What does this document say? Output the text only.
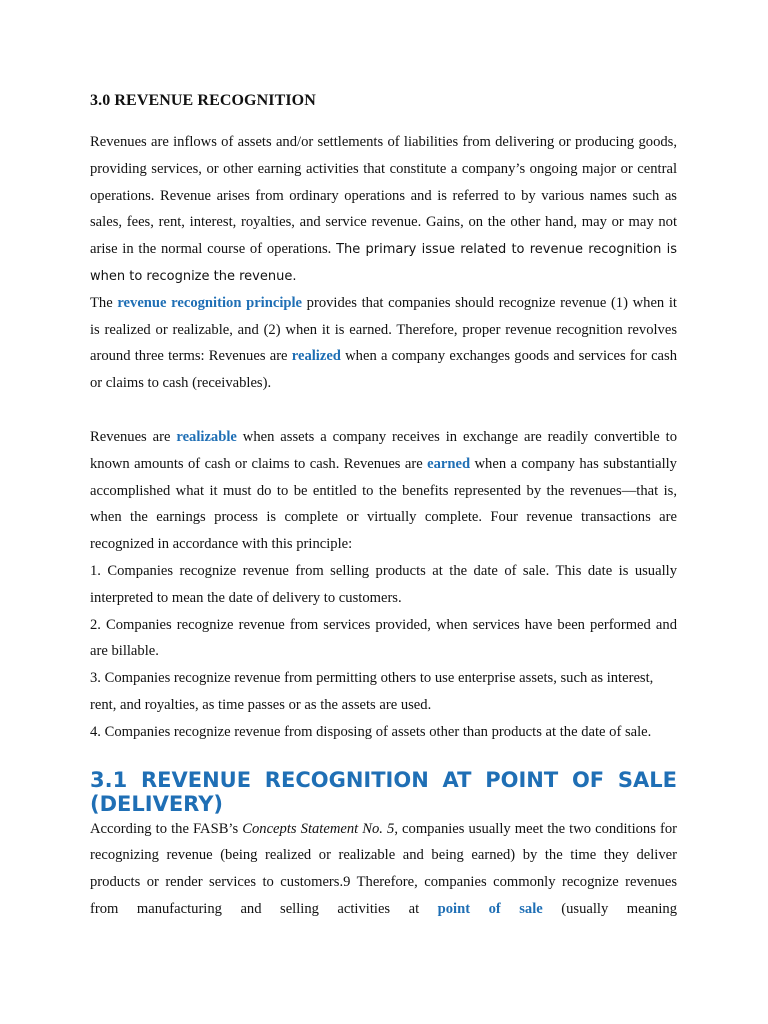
3.0 REVENUE RECOGNITION

Revenues are inflows of assets and/or settlements of liabilities from delivering or producing goods, providing services, or other earning activities that constitute a company’s ongoing major or central operations. Revenue arises from ordinary operations and is referred to by various names such as sales, fees, rent, interest, royalties, and service revenue. Gains, on the other hand, may or may not arise in the normal course of operations. The primary issue related to revenue recognition is when to recognize the revenue.

The revenue recognition principle provides that companies should recognize revenue (1) when it is realized or realizable, and (2) when it is earned. Therefore, proper revenue recognition revolves around three terms: Revenues are realized when a company exchanges goods and services for cash or claims to cash (receivables).

Revenues are realizable when assets a company receives in exchange are readily convertible to known amounts of cash or claims to cash. Revenues are earned when a company has substantially accomplished what it must do to be entitled to the benefits represented by the revenues—that is, when the earnings process is complete or virtually complete. Four revenue transactions are recognized in accordance with this principle:

1. Companies recognize revenue from selling products at the date of sale. This date is usually interpreted to mean the date of delivery to customers.

2. Companies recognize revenue from services provided, when services have been performed and are billable.

3. Companies recognize revenue from permitting others to use enterprise assets, such as interest,

rent, and royalties, as time passes or as the assets are used.

4. Companies recognize revenue from disposing of assets other than products at the date of sale.

3.1 REVENUE RECOGNITION AT POINT OF SALE
(DELIVERY)

According to the FASB’s Concepts Statement No. 5, companies usually meet the two conditions for recognizing revenue (being realized or realizable and being earned) by the time they deliver products or render services to customers.9 Therefore, companies commonly recognize revenues from manufacturing and selling activities at point of sale (usually meaning
